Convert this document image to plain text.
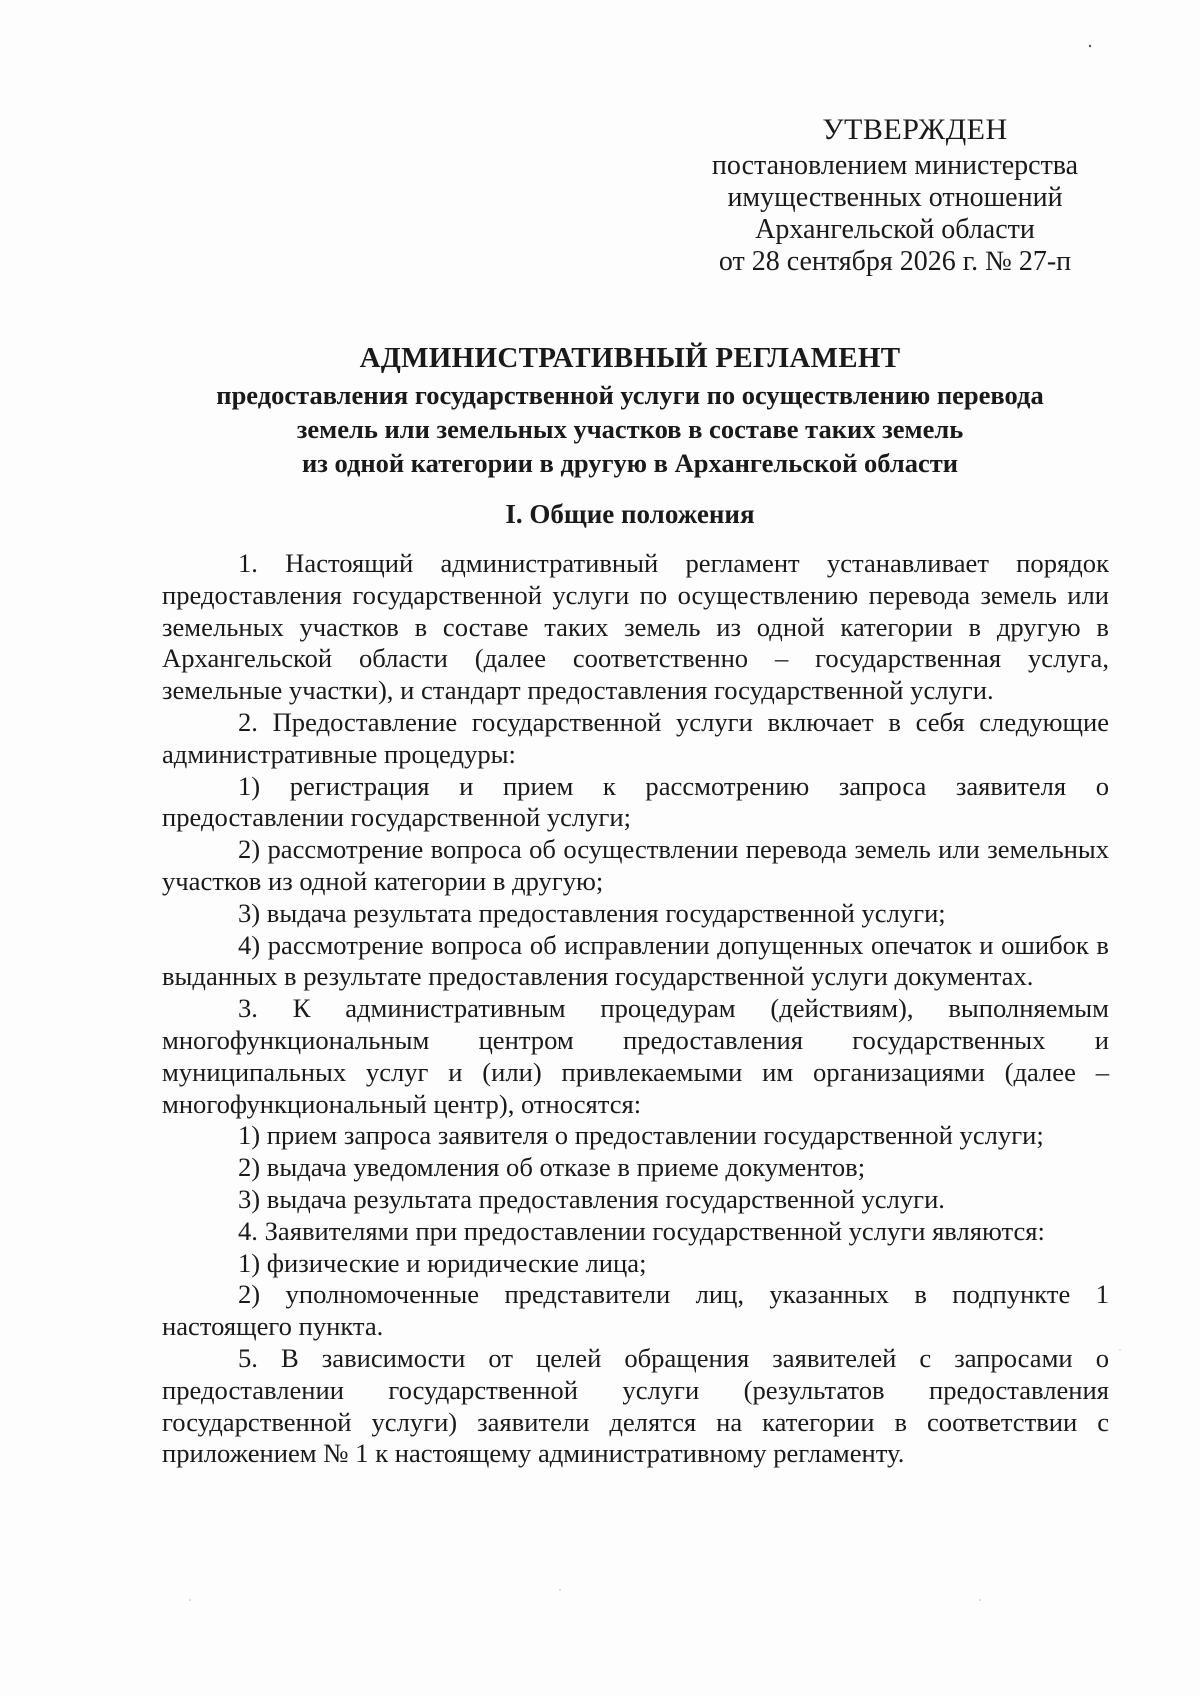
УТВЕРЖДЕН
постановлением министерства
имущественных отношений
Архангельской области
от 28 сентября 2026 г. № 27-п
АДМИНИСТРАТИВНЫЙ РЕГЛАМЕНТ
предоставления государственной услуги по осуществлению перевода
земель или земельных участков в составе таких земель
из одной категории в другую в Архангельской области
I. Общие положения

1. Настоящий административный регламент устанавливает порядок предоставления государственной услуги по осуществлению перевода земель или земельных участков в составе таких земель из одной категории в другую в Архангельской области (далее соответственно – государственная услуга, земельные участки), и стандарт предоставления государственной услуги.

2. Предоставление государственной услуги включает в себя следующие административные процедуры:

1) регистрация и прием к рассмотрению запроса заявителя о предоставлении государственной услуги;

2) рассмотрение вопроса об осуществлении перевода земель или земельных участков из одной категории в другую;

3) выдача результата предоставления государственной услуги;

4) рассмотрение вопроса об исправлении допущенных опечаток и ошибок в выданных в результате предоставления государственной услуги документах.

3. К административным процедурам (действиям), выполняемым многофункциональным центром предоставления государственных и муниципальных услуг и (или) привлекаемыми им организациями (далее – многофункциональный центр), относятся:

1) прием запроса заявителя о предоставлении государственной услуги;

2) выдача уведомления об отказе в приеме документов;

3) выдача результата предоставления государственной услуги.

4. Заявителями при предоставлении государственной услуги являются:

1) физические и юридические лица;

2) уполномоченные представители лиц, указанных в подпункте 1 настоящего пункта.

5. В зависимости от целей обращения заявителей с запросами о предоставлении государственной услуги (результатов предоставления государственной услуги) заявители делятся на категории в соответствии с приложением № 1 к настоящему административному регламенту.
